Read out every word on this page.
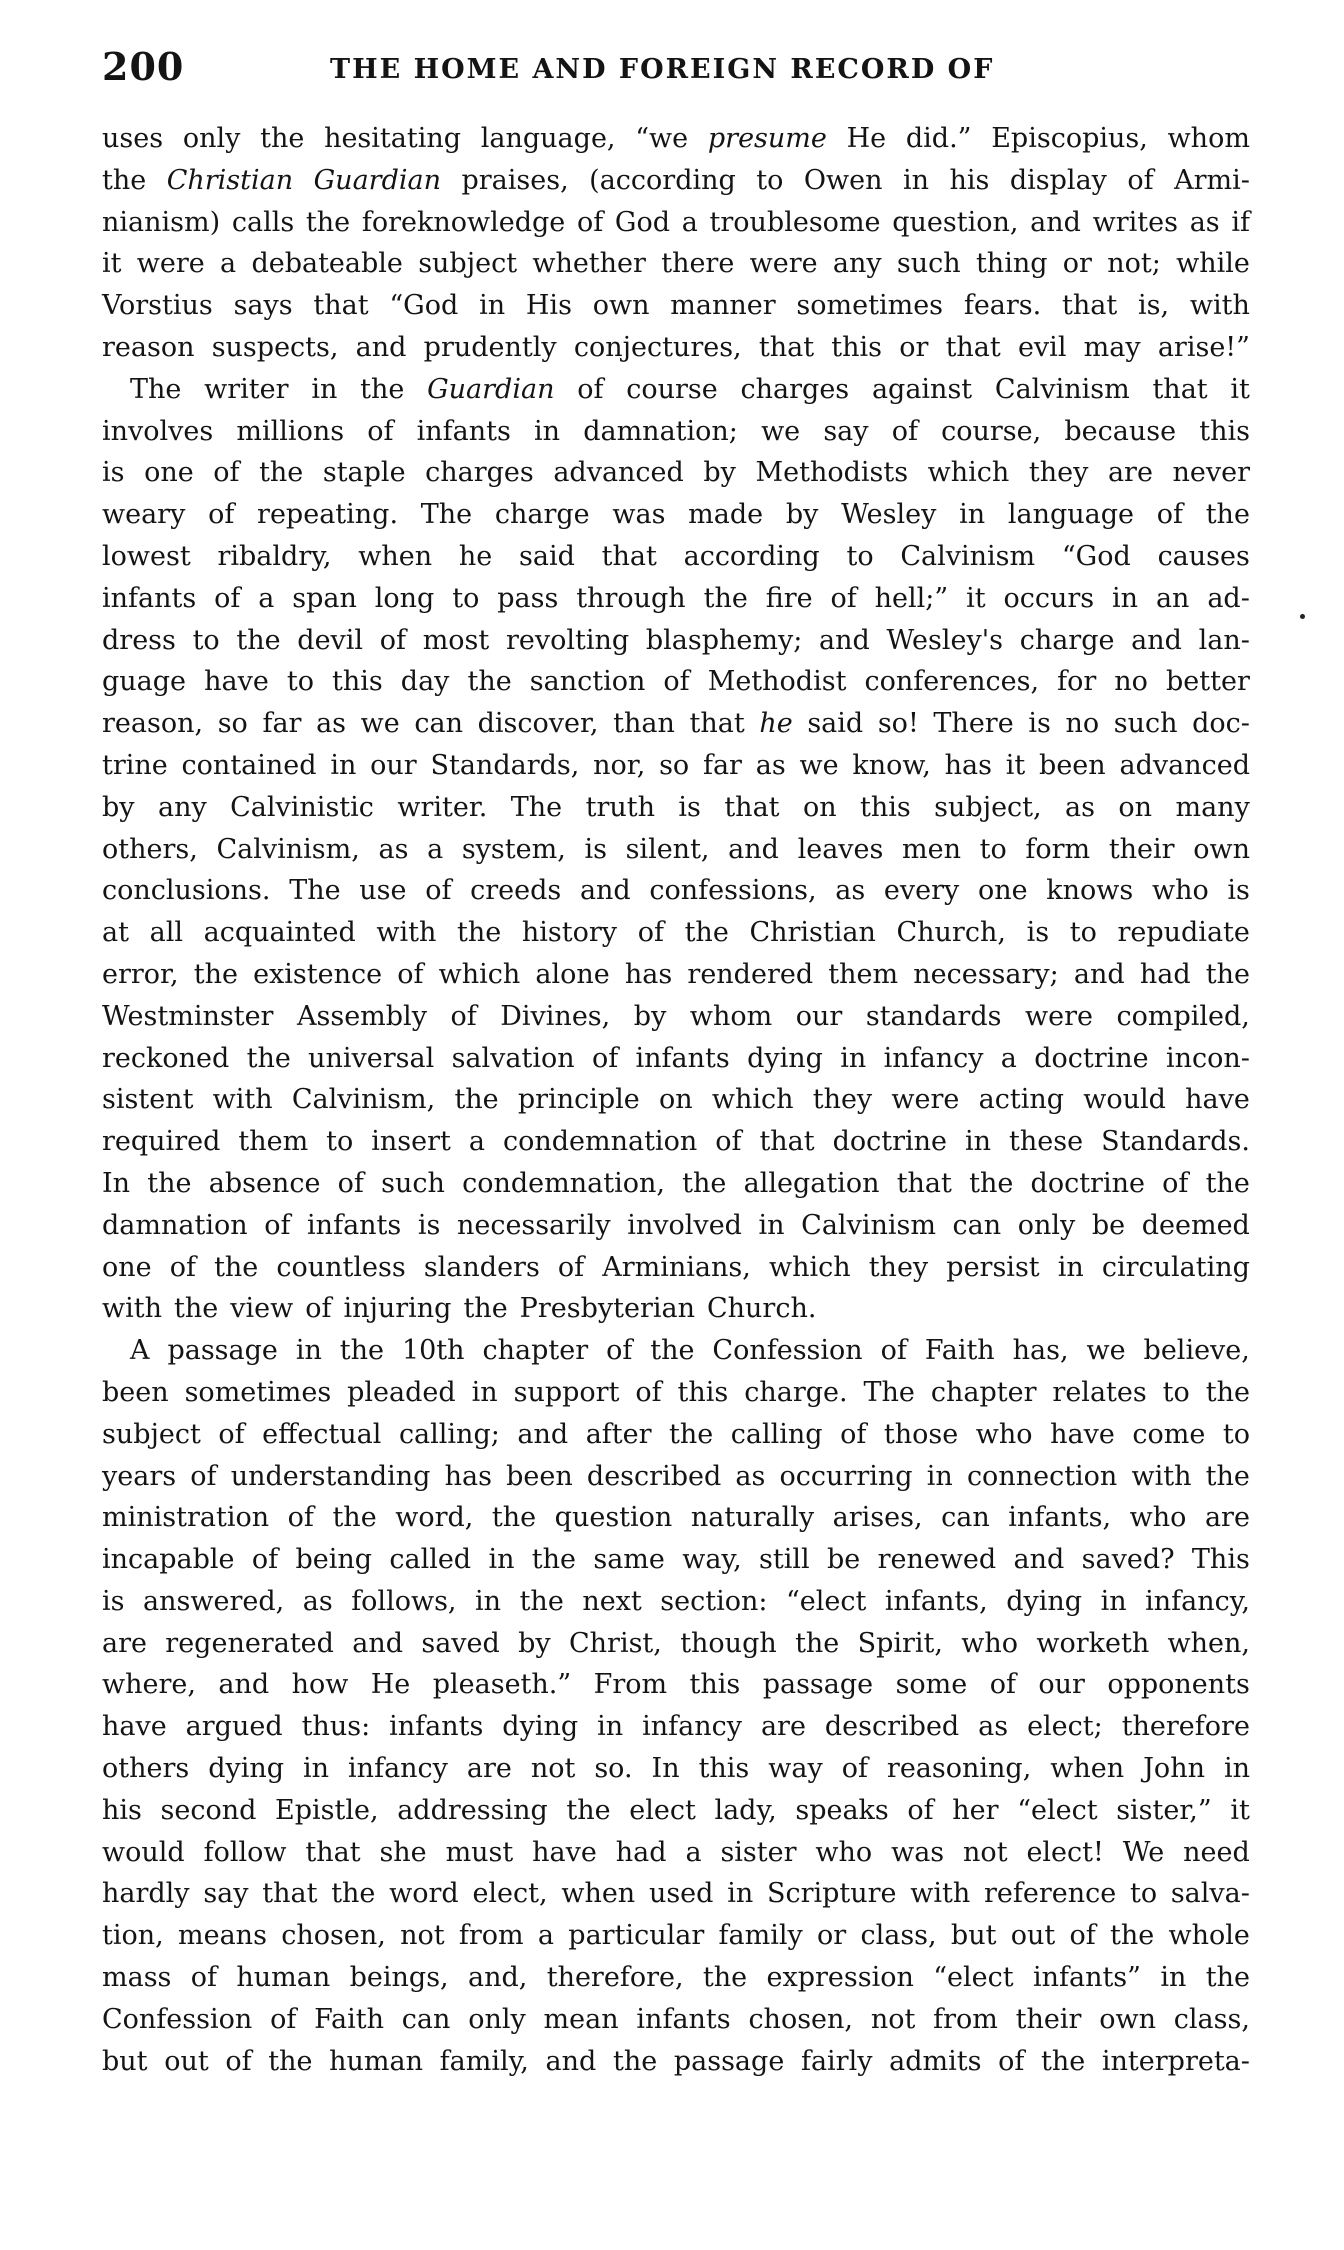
200	THE HOME AND FOREIGN RECORD OF
uses only the hesitating language, “we presume He did.” Episcopius, whom
the Christian Guardian praises, (according to Owen in his display of Armi-
nianism) calls the foreknowledge of God a troublesome question, and writes as if
it were a debateable subject whether there were any such thing or not; while
Vorstius says that “God in His own manner sometimes fears. that is, with
reason suspects, and prudently conjectures, that this or that evil may arise!”
The writer in the Guardian of course charges against Calvinism that it
involves millions of infants in damnation; we say of course, because this
is one of the staple charges advanced by Methodists which they are never
weary of repeating. The charge was made by Wesley in language of the
lowest ribaldry, when he said that according to Calvinism “God causes
infants of a span long to pass through the fire of hell;” it occurs in an ad-
dress to the devil of most revolting blasphemy; and Wesley's charge and lan-
guage have to this day the sanction of Methodist conferences, for no better
reason, so far as we can discover, than that he said so! There is no such doc-
trine contained in our Standards, nor, so far as we know, has it been advanced
by any Calvinistic writer. The truth is that on this subject, as on many
others, Calvinism, as a system, is silent, and leaves men to form their own
conclusions. The use of creeds and confessions, as every one knows who is
at all acquainted with the history of the Christian Church, is to repudiate
error, the existence of which alone has rendered them necessary; and had the
Westminster Assembly of Divines, by whom our standards were compiled,
reckoned the universal salvation of infants dying in infancy a doctrine incon-
sistent with Calvinism, the principle on which they were acting would have
required them to insert a condemnation of that doctrine in these Standards.
In the absence of such condemnation, the allegation that the doctrine of the
damnation of infants is necessarily involved in Calvinism can only be deemed
one of the countless slanders of Arminians, which they persist in circulating
with the view of injuring the Presbyterian Church.
A passage in the 10th chapter of the Confession of Faith has, we believe,
been sometimes pleaded in support of this charge. The chapter relates to the
subject of effectual calling; and after the calling of those who have come to
years of understanding has been described as occurring in connection with the
ministration of the word, the question naturally arises, can infants, who are
incapable of being called in the same way, still be renewed and saved? This
is answered, as follows, in the next section: “elect infants, dying in infancy,
are regenerated and saved by Christ, though the Spirit, who worketh when,
where, and how He pleaseth.” From this passage some of our opponents
have argued thus: infants dying in infancy are described as elect; therefore
others dying in infancy are not so. In this way of reasoning, when John in
his second Epistle, addressing the elect lady, speaks of her “elect sister,” it
would follow that she must have had a sister who was not elect! We need
hardly say that the word elect, when used in Scripture with reference to salva-
tion, means chosen, not from a particular family or class, but out of the whole
mass of human beings, and, therefore, the expression “elect infants” in the
Confession of Faith can only mean infants chosen, not from their own class,
but out of the human family, and the passage fairly admits of the interpreta-
